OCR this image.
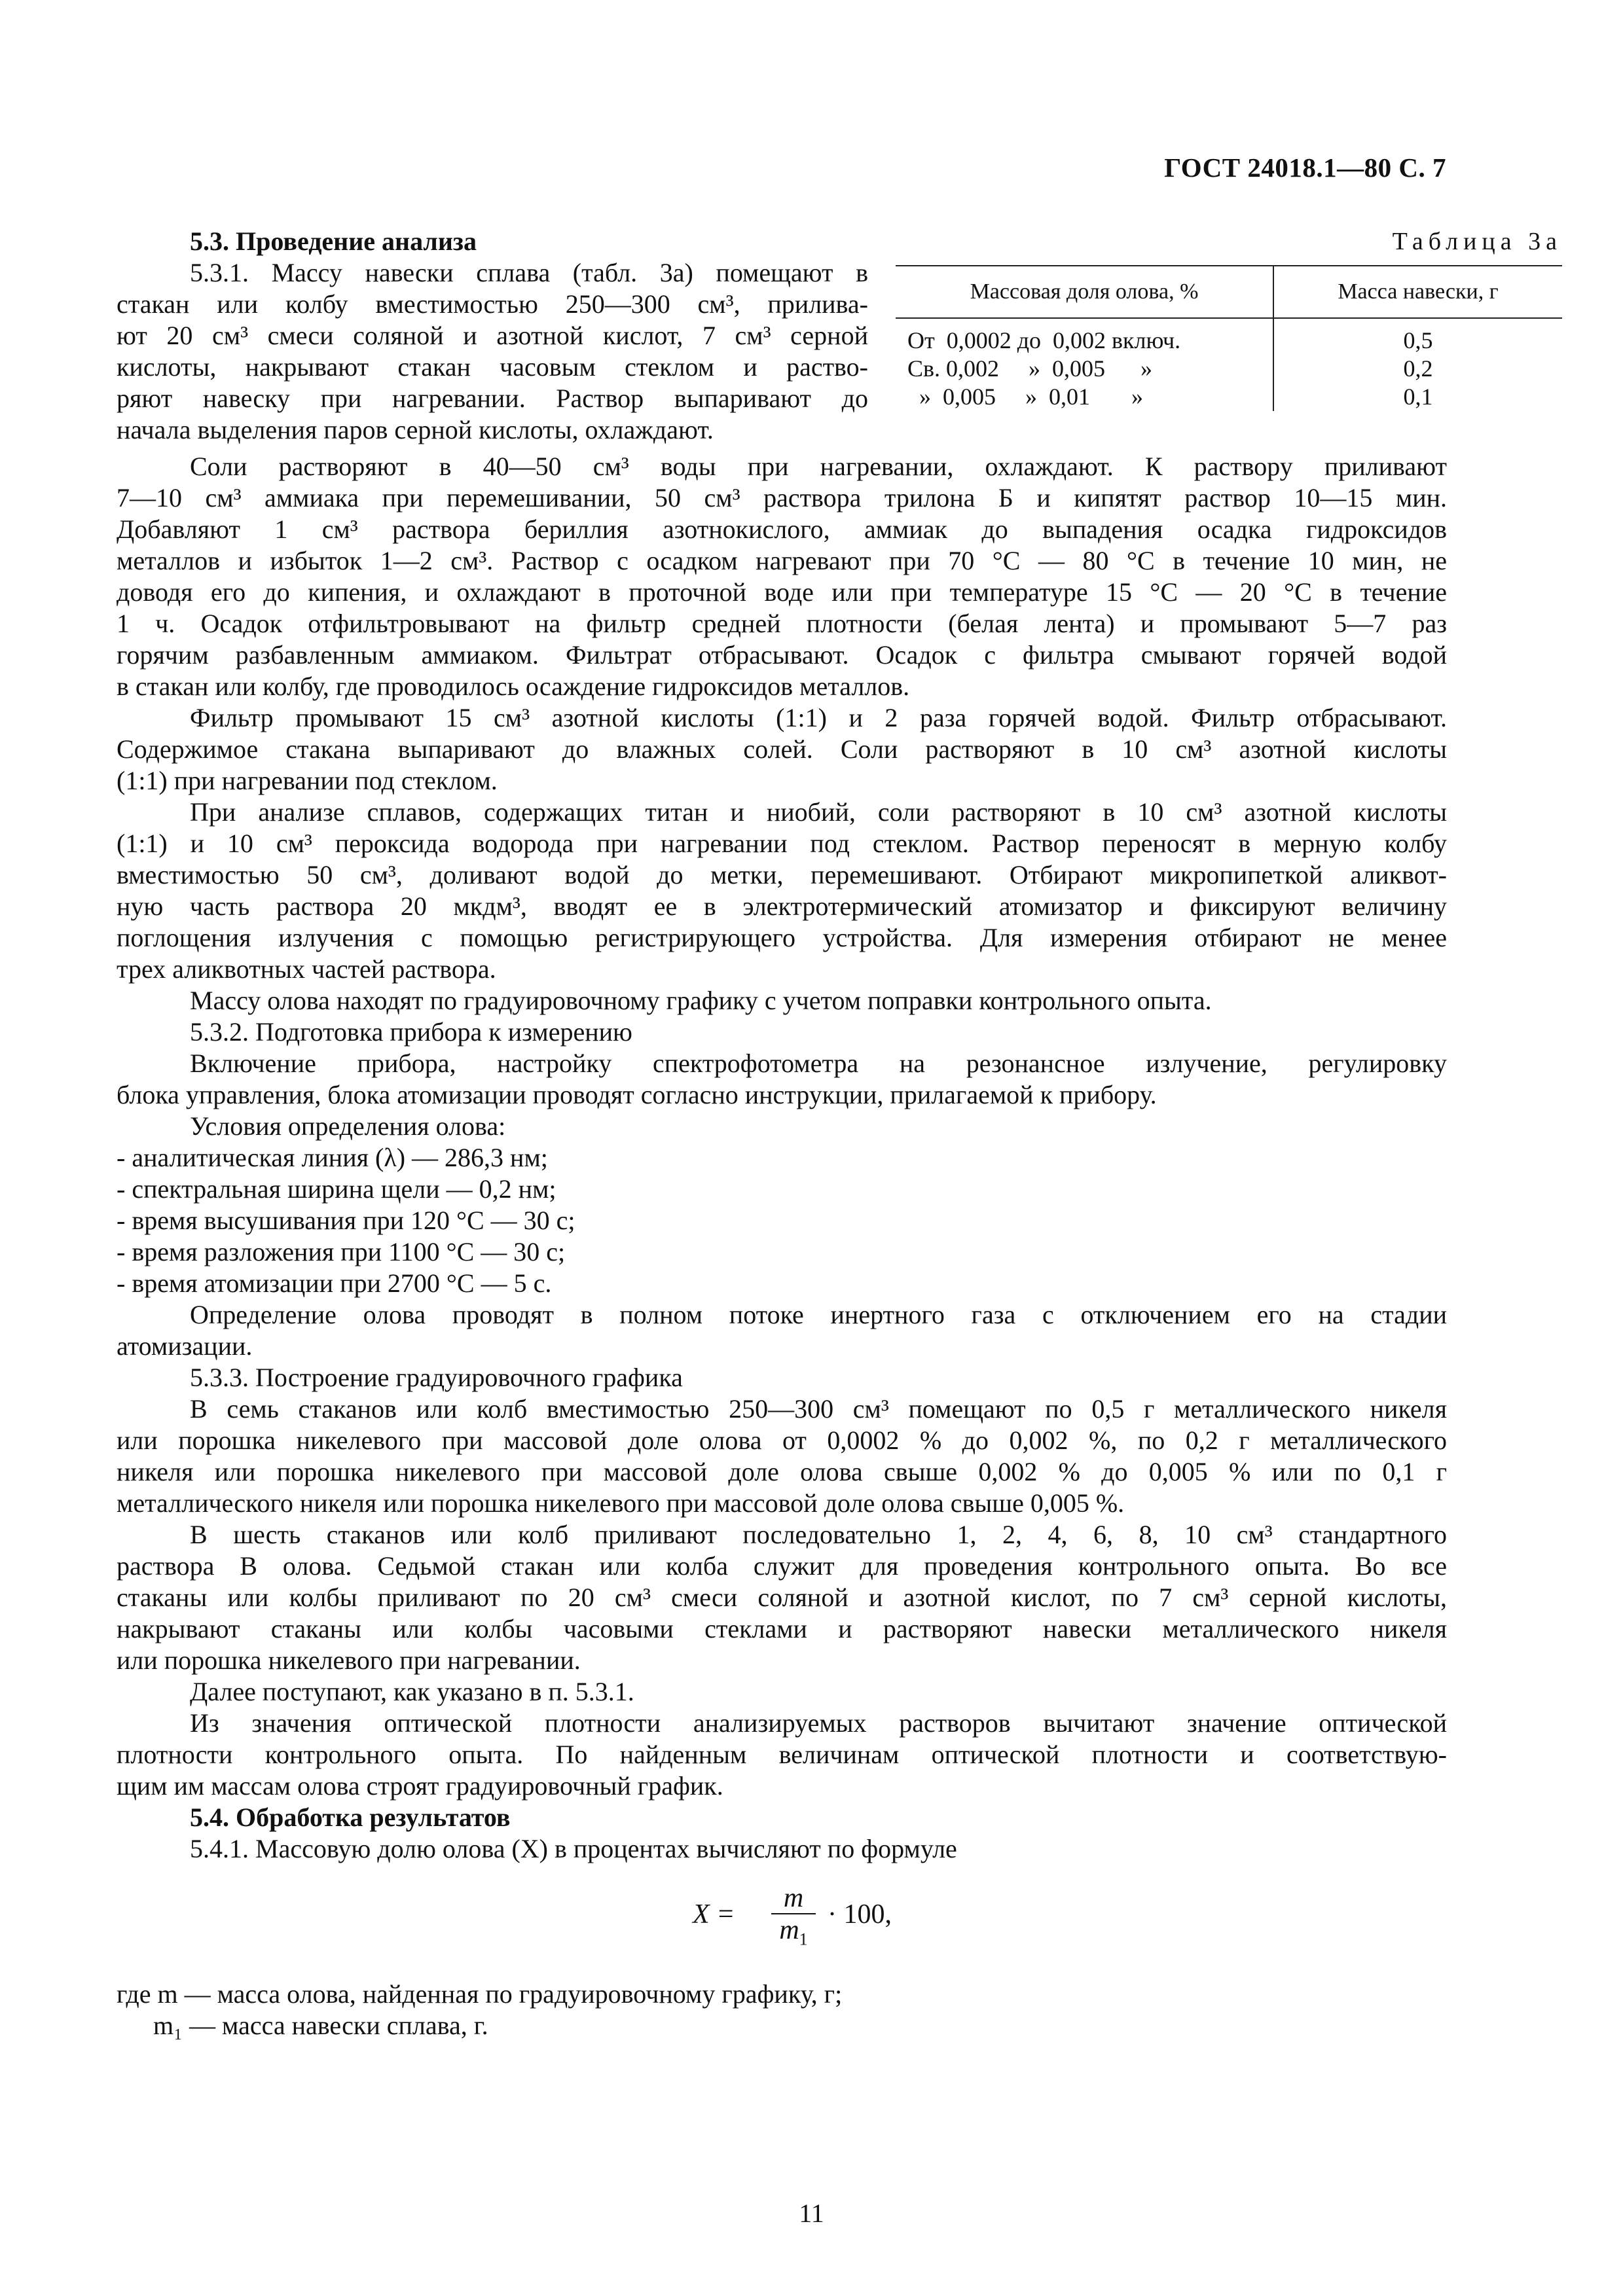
ГОСТ 24018.1—80 С. 7
5.3. Проведение анализа
5.3.1. Массу навески сплава (табл. 3а) помещают в
стакан или колбу вместимостью 250—300 см³, прилива-
ют 20 см³ смеси соляной и азотной кислот, 7 см³ серной
кислоты, накрывают стакан часовым стеклом и раство-
ряют навеску при нагревании. Раствор выпаривают до
начала выделения паров серной кислоты, охлаждают.
Таблица 3а
Массовая доля олова, %	Масса навески, г
От  0,0002 до  0,002 включ.	0,5
Св. 0,002     »  0,005      »	0,2
»  0,005     »  0,01       »	0,1
Соли растворяют в 40—50 см³ воды при нагревании, охлаждают. К раствору приливают
7—10 см³ аммиака при перемешивании, 50 см³ раствора трилона Б и кипятят раствор 10—15 мин.
Добавляют 1 см³ раствора бериллия азотнокислого, аммиак до выпадения осадка гидроксидов
металлов и избыток 1—2 см³. Раствор с осадком нагревают при 70 °С — 80 °С в течение 10 мин, не
доводя его до кипения, и охлаждают в проточной воде или при температуре 15 °С — 20 °С в течение
1 ч. Осадок отфильтровывают на фильтр средней плотности (белая лента) и промывают 5—7 раз
горячим разбавленным аммиаком. Фильтрат отбрасывают. Осадок с фильтра смывают горячей водой
в стакан или колбу, где проводилось осаждение гидроксидов металлов.
Фильтр промывают 15 см³ азотной кислоты (1:1) и 2 раза горячей водой. Фильтр отбрасывают.
Содержимое стакана выпаривают до влажных солей. Соли растворяют в 10 см³ азотной кислоты
(1:1) при нагревании под стеклом.
При анализе сплавов, содержащих титан и ниобий, соли растворяют в 10 см³ азотной кислоты
(1:1) и 10 см³ пероксида водорода при нагревании под стеклом. Раствор переносят в мерную колбу
вместимостью 50 см³, доливают водой до метки, перемешивают. Отбирают микропипеткой аликвот-
ную часть раствора 20 мкдм³, вводят ее в электротермический атомизатор и фиксируют величину
поглощения излучения с помощью регистрирующего устройства. Для измерения отбирают не менее
трех аликвотных частей раствора.
Массу олова находят по градуировочному графику с учетом поправки контрольного опыта.
5.3.2. Подготовка прибора к измерению
Включение прибора, настройку спектрофотометра на резонансное излучение, регулировку
блока управления, блока атомизации проводят согласно инструкции, прилагаемой к прибору.
Условия определения олова:
- аналитическая линия (λ) — 286,3 нм;
- спектральная ширина щели — 0,2 нм;
- время высушивания при 120 °С — 30 с;
- время разложения при 1100 °С — 30 с;
- время атомизации при 2700 °С — 5 с.
Определение олова проводят в полном потоке инертного газа с отключением его на стадии
атомизации.
5.3.3. Построение градуировочного графика
В семь стаканов или колб вместимостью 250—300 см³ помещают по 0,5 г металлического никеля
или порошка никелевого при массовой доле олова от 0,0002 % до 0,002 %, по 0,2 г металлического
никеля или порошка никелевого при массовой доле олова свыше 0,002 % до 0,005 % или по 0,1 г
металлического никеля или порошка никелевого при массовой доле олова свыше 0,005 %.
В шесть стаканов или колб приливают последовательно 1, 2, 4, 6, 8, 10 см³ стандартного
раствора В олова. Седьмой стакан или колба служит для проведения контрольного опыта. Во все
стаканы или колбы приливают по 20 см³ смеси соляной и азотной кислот, по 7 см³ серной кислоты,
накрывают стаканы или колбы часовыми стеклами и растворяют навески металлического никеля
или порошка никелевого при нагревании.
Далее поступают, как указано в п. 5.3.1.
Из значения оптической плотности анализируемых растворов вычитают значение оптической
плотности контрольного опыта. По найденным величинам оптической плотности и соответствую-
щим им массам олова строят градуировочный график.
5.4. Обработка результатов
5.4.1. Массовую долю олова (X) в процентах вычисляют по формуле
$X = \frac{m}{m_1} \cdot 100$,
где m — масса олова, найденная по градуировочному графику, г;
m₁ — масса навески сплава, г.
11
